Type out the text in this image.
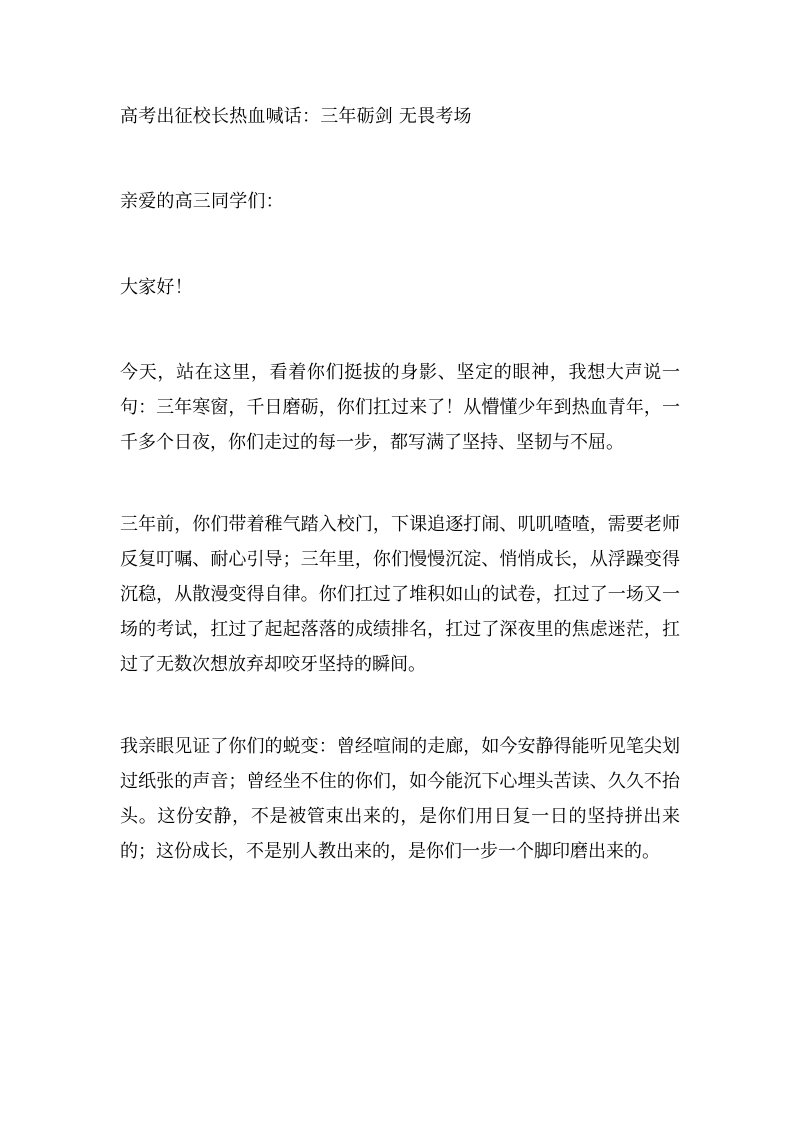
高考出征校长热血喊话：三年砺剑 无畏考场

亲爱的高三同学们：

大家好！

今天，站在这里，看着你们挺拔的身影、坚定的眼神，我想大声说一句：三年寒窗，千日磨砺，你们扛过来了！从懵懂少年到热血青年，一千多个日夜，你们走过的每一步，都写满了坚持、坚韧与不屈。

三年前，你们带着稚气踏入校门，下课追逐打闹、叽叽喳喳，需要老师反复叮嘱、耐心引导；三年里，你们慢慢沉淀、悄悄成长，从浮躁变得沉稳，从散漫变得自律。你们扛过了堆积如山的试卷，扛过了一场又一场的考试，扛过了起起落落的成绩排名，扛过了深夜里的焦虑迷茫，扛过了无数次想放弃却咬牙坚持的瞬间。

我亲眼见证了你们的蜕变：曾经喧闹的走廊，如今安静得能听见笔尖划过纸张的声音；曾经坐不住的你们，如今能沉下心埋头苦读、久久不抬头。这份安静，不是被管束出来的，是你们用日复一日的坚持拼出来的；这份成长，不是别人教出来的，是你们一步一个脚印磨出来的。
